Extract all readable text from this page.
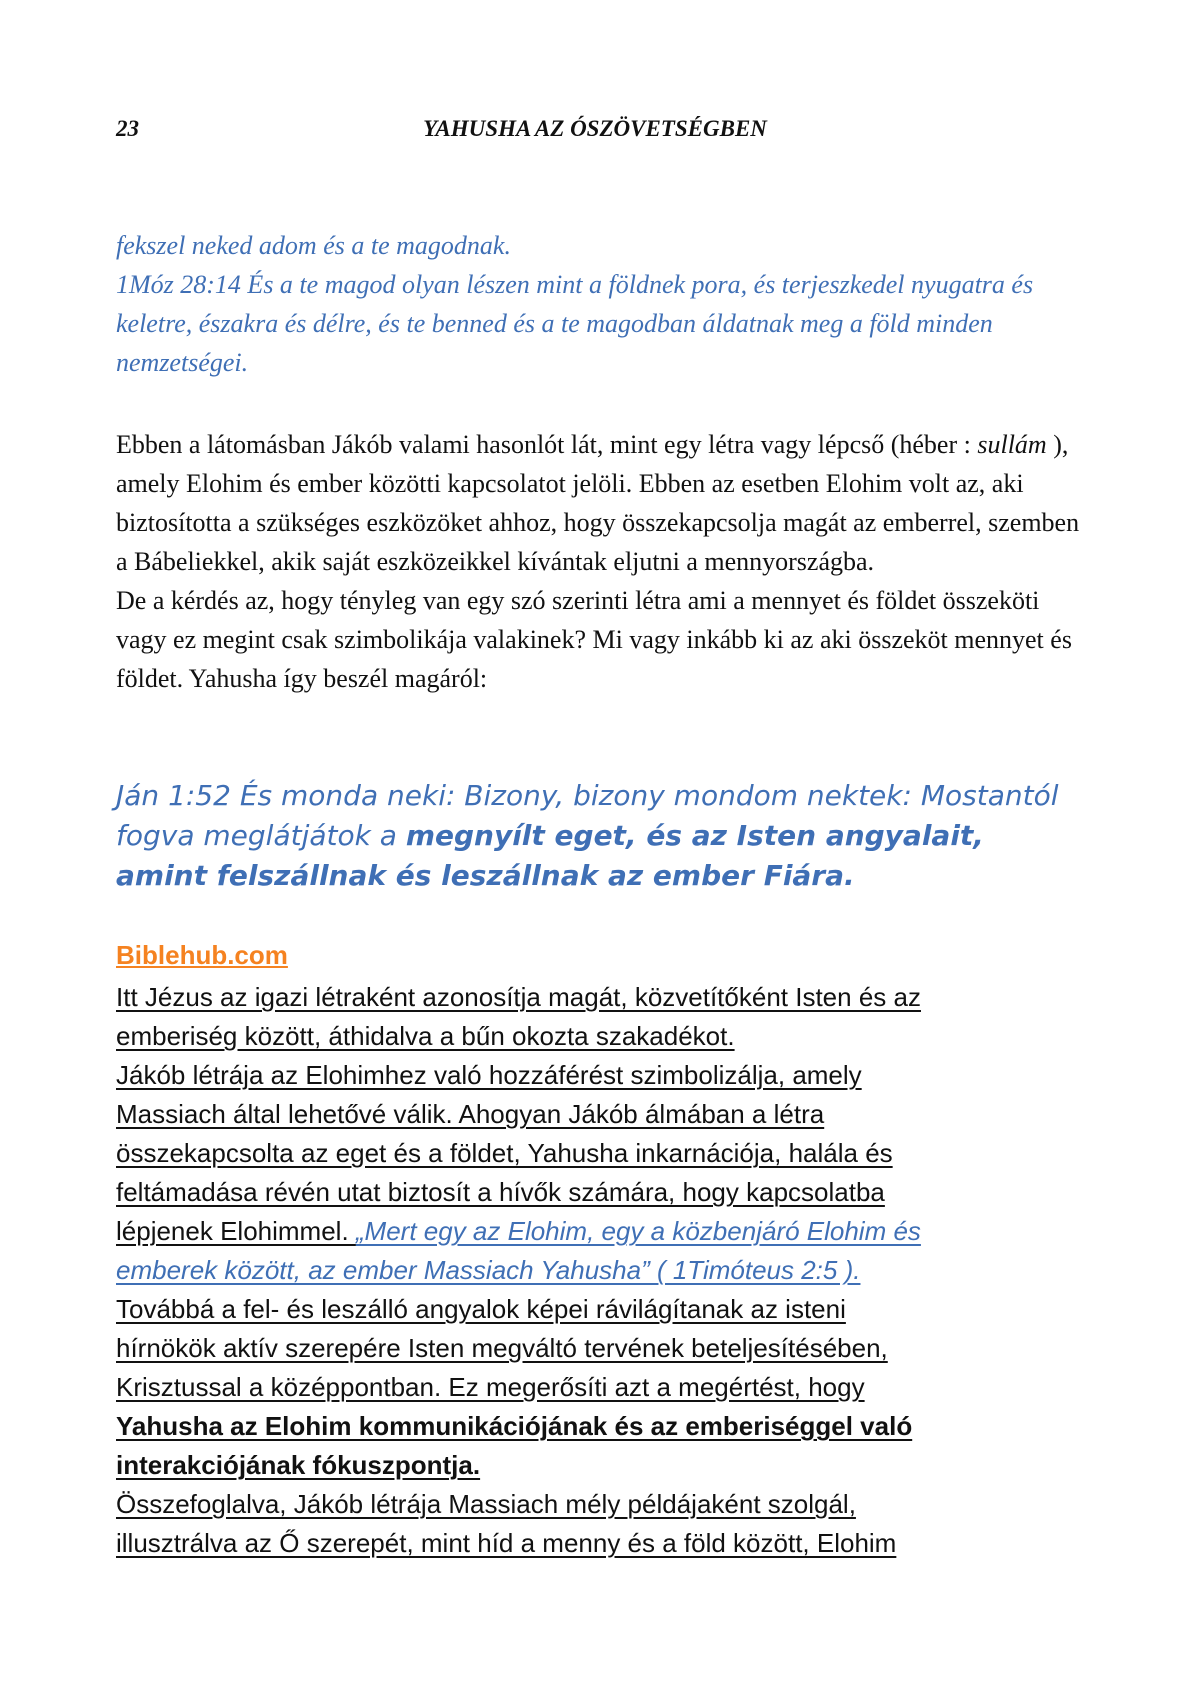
23	YAHUSHA AZ ÓSZÖVETSÉGBEN

fekszel neked adom és a te magodnak.

1Móz 28:14 És a te magod olyan lészen mint a földnek pora, és terjeszkedel nyugatra és keletre, északra és délre, és te benned és a te magodban áldatnak meg a föld minden nemzetségei.

Ebben a látomásban Jákób valami hasonlót lát, mint egy létra vagy lépcső (héber : sullám ), amely Elohim és ember közötti kapcsolatot jelöli. Ebben az esetben Elohim volt az, aki biztosította a szükséges eszközöket ahhoz, hogy összekapcsolja magát az emberrel, szemben a Bábeliekkel, akik saját eszközeikkel kívántak eljutni a mennyországba.

De a kérdés az, hogy tényleg van egy szó szerinti létra ami a mennyet és földet összeköti vagy ez megint csak szimbolikája valakinek? Mi vagy inkább ki az aki összeköt mennyet és földet. Yahusha így beszél magáról:

Ján 1:52 És monda neki: Bizony, bizony mondom nektek: Mostantól fogva meglátjátok a megnyílt eget, és az Isten angyalait, amint felszállnak és leszállnak az ember Fiára.
Biblehub.com
Itt Jézus az igazi létraként azonosítja magát, közvetítőként Isten és az
emberiség között, áthidalva a bűn okozta szakadékot.
Jákób létrája az Elohimhez való hozzáférést szimbolizálja, amely
Massiach által lehetővé válik. Ahogyan Jákób álmában a létra
összekapcsolta az eget és a földet, Yahusha inkarnációja, halála és
feltámadása révén utat biztosít a hívők számára, hogy kapcsolatba
lépjenek Elohimmel. „Mert egy az Elohim, egy a közbenjáró Elohim és
emberek között, az ember Massiach Yahusha” ( 1Timóteus 2:5 ).
Továbbá a fel- és leszálló angyalok képei rávilágítanak az isteni
hírnökök aktív szerepére Isten megváltó tervének beteljesítésében,
Krisztussal a középpontban. Ez megerősíti azt a megértést, hogy
Yahusha az Elohim kommunikációjának és az emberiséggel való
interakciójának fókuszpontja.
Összefoglalva, Jákób létrája Massiach mély példájaként szolgál,
illusztrálva az Ő szerepét, mint híd a menny és a föld között, Elohim
